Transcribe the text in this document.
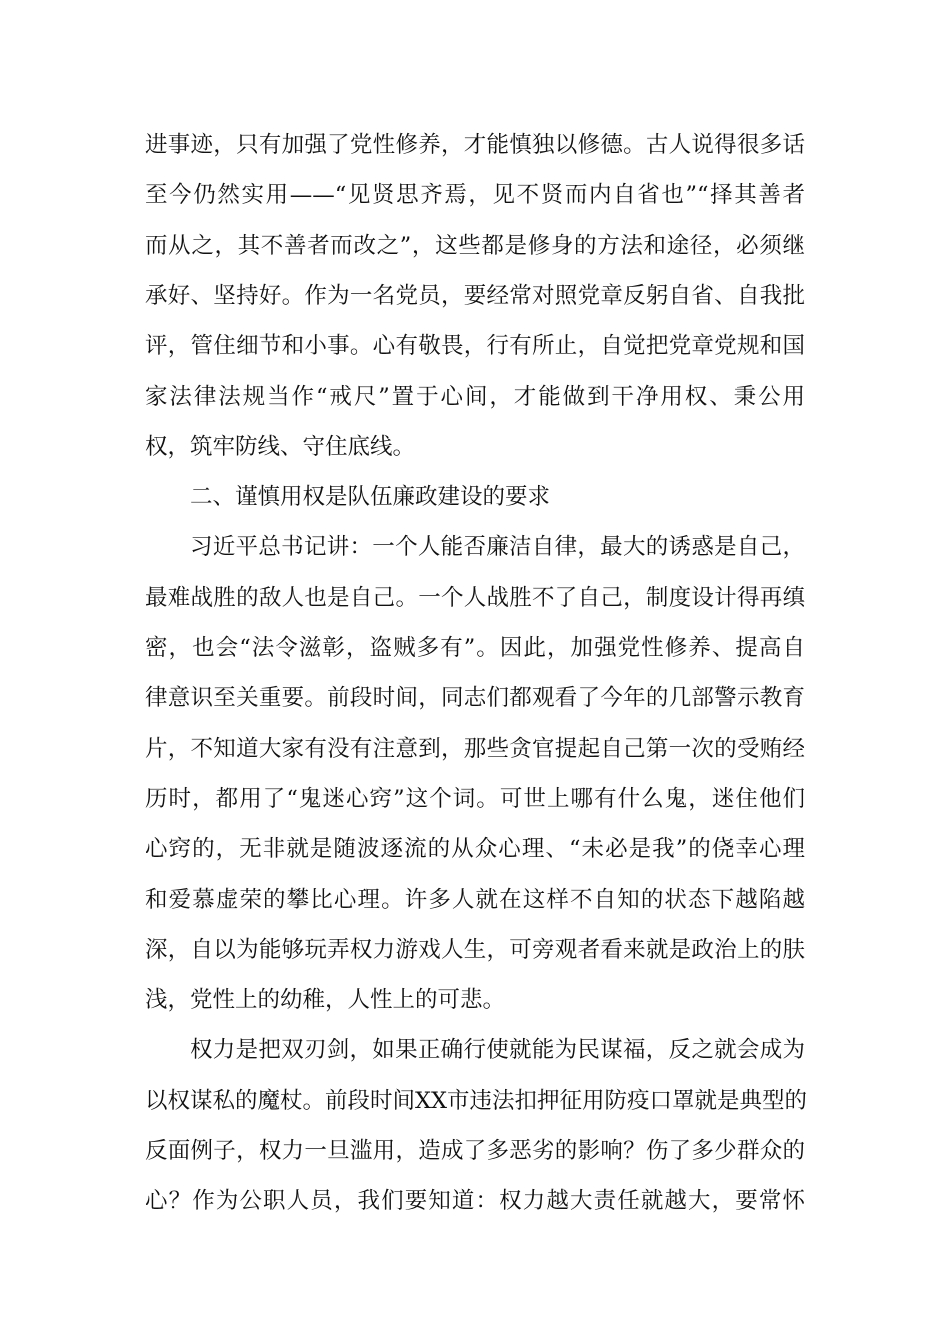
进事迹，只有加强了党性修养，才能慎独以修德。古人说得很多话
至今仍然实用——“见贤思齐焉，见不贤而内自省也”“择其善者
而从之，其不善者而改之”，这些都是修身的方法和途径，必须继
承好、坚持好。作为一名党员，要经常对照党章反躬自省、自我批
评，管住细节和小事。心有敬畏，行有所止，自觉把党章党规和国
家法律法规当作“戒尺”置于心间，才能做到干净用权、秉公用
权，筑牢防线、守住底线。
二、谨慎用权是队伍廉政建设的要求
习近平总书记讲：一个人能否廉洁自律，最大的诱惑是自己，
最难战胜的敌人也是自己。一个人战胜不了自己，制度设计得再缜
密，也会“法令滋彰，盗贼多有”。因此，加强党性修养、提高自
律意识至关重要。前段时间，同志们都观看了今年的几部警示教育
片，不知道大家有没有注意到，那些贪官提起自己第一次的受贿经
历时，都用了“鬼迷心窍”这个词。可世上哪有什么鬼，迷住他们
心窍的，无非就是随波逐流的从众心理、“未必是我”的侥幸心理
和爱慕虚荣的攀比心理。许多人就在这样不自知的状态下越陷越
深，自以为能够玩弄权力游戏人生，可旁观者看来就是政治上的肤
浅，党性上的幼稚，人性上的可悲。
权力是把双刃剑，如果正确行使就能为民谋福，反之就会成为
以权谋私的魔杖。前段时间XX市违法扣押征用防疫口罩就是典型的
反面例子，权力一旦滥用，造成了多恶劣的影响？伤了多少群众的
心？作为公职人员，我们要知道：权力越大责任就越大，要常怀
